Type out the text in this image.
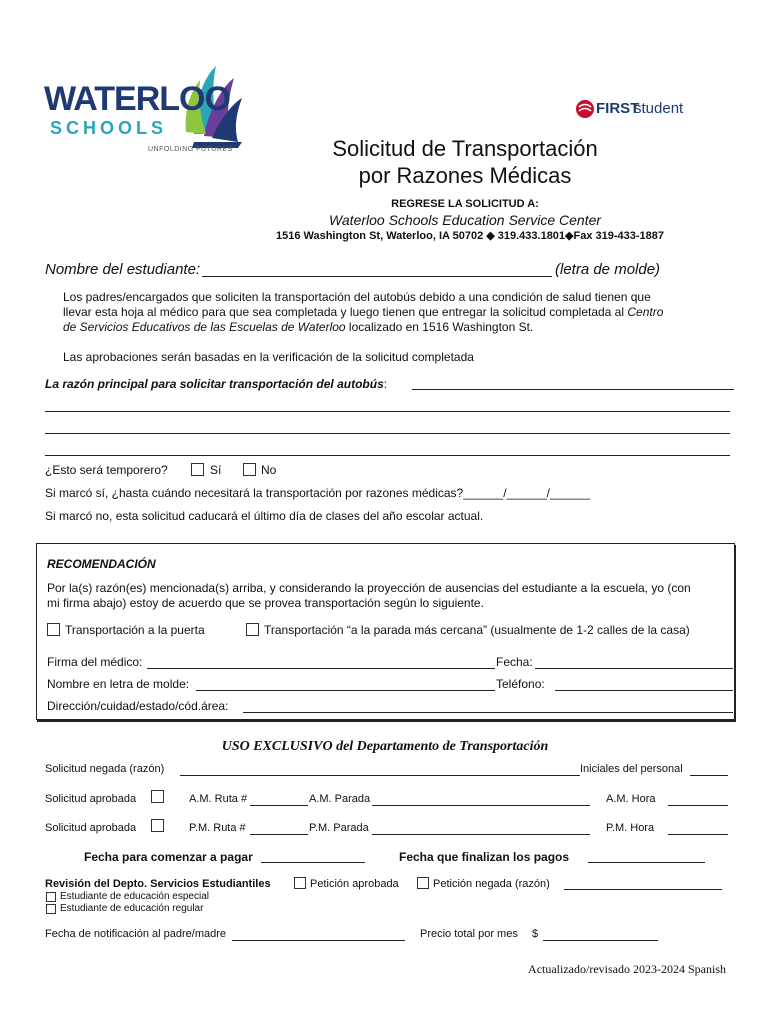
WATERLOO
SCHOOLS
UNFOLDING FUTURES
FIRST
student
Solicitud de Transportación
por Razones Médicas
REGRESE LA SOLICITUD A:
Waterloo Schools Education Service Center
1516 Washington St, Waterloo, IA 50702 ◆ 319.433.1801◆Fax 319-433-1887
Nombre del estudiante:	(letra de molde)
Los padres/encargados que soliciten la transportación del autobús debido a una condición de salud tienen que
llevar esta hoja al médico para que sea completada y luego tienen que entregar la solicitud completada al Centro
de Servicios Educativos de las Escuelas de Waterloo localizado en 1516 Washington St.
Las aprobaciones serán basadas en la verificación de la solicitud completada
La razón principal para solicitar transportación del autobús:
¿Esto será temporero?	Sí	No
Si marcó sí, ¿hasta cuándo necesitará la transportación por razones médicas?______/______/______
Si marcó no, esta solicitud caducará el último día de clases del año escolar actual.
RECOMENDACIÓN
Por la(s) razón(es) mencionada(s) arriba, y considerando la proyección de ausencias del estudiante a la escuela, yo (con
mi firma abajo) estoy de acuerdo que se provea transportación según lo siguiente.
Transportación a la puerta	Transportación “a la parada más cercana” (usualmente de 1-2 calles de la casa)
Firma del médico:	Fecha:
Nombre en letra de molde:	Teléfono:
Dirección/cuidad/estado/cód.área:
USO EXCLUSIVO del Departamento de Transportación
Solicitud negada (razón)	Iniciales del personal
Solicitud aprobada	A.M. Ruta #	A.M. Parada	A.M. Hora
Solicitud aprobada	P.M. Ruta #	P.M. Parada	P.M. Hora
Fecha para comenzar a pagar	Fecha que finalizan los pagos
Revisión del Depto. Servicios Estudiantiles	Petición aprobada	Petición negada (razón)
Estudiante de educación especial
Estudiante de educación regular
Fecha de notificación al padre/madre	Precio total por mes $
Actualizado/revisado 2023-2024 Spanish
